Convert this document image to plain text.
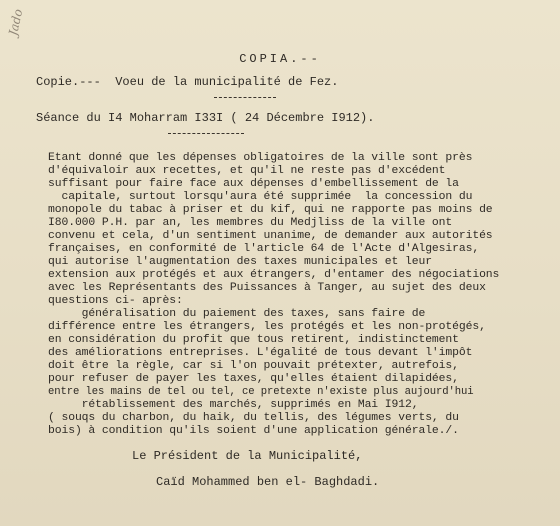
Jado
COPIA.--
Copie.---  Voeu de la municipalité de Fez.
Séance du I4 Moharram I33I ( 24 Décembre I912).
Etant donné que les dépenses obligatoires de la ville sont près
d'équivaloir aux recettes, et qu'il ne reste pas d'excédent
suffisant pour faire face aux dépenses d'embellissement de la
capitale, surtout lorsqu'aura été supprimée  la concession du
monopole du tabac à priser et du kif, qui ne rapporte pas moins de
I80.000 P.H. par an, les membres du Medjliss de la ville ont
convenu et cela, d'un sentiment unanime, de demander aux autorités
françaises, en conformité de l'article 64 de l'Acte d'Algesiras,
qui autorise l'augmentation des taxes municipales et leur
extension aux protégés et aux étrangers, d'entamer des négociations
avec les Représentants des Puissances à Tanger, au sujet des deux
questions ci- après:
généralisation du paiement des taxes, sans faire de
différence entre les étrangers, les protégés et les non-protégés,
en considération du profit que tous retirent, indistinctement
des améliorations entreprises. L'égalité de tous devant l'impôt
doit être la règle, car si l'on pouvait prétexter, autrefois,
pour refuser de payer les taxes, qu'elles étaient dilapidées,
entre les mains de tel ou tel, ce pretexte n'existe plus aujourd'hui
rétablissement des marchés, supprimés en Mai I912,
( souqs du charbon, du haik, du tellis, des légumes verts, du
bois) à condition qu'ils soient d'une application générale./.
Le Président de la Municipalité,
Caïd Mohammed ben el- Baghdadi.
